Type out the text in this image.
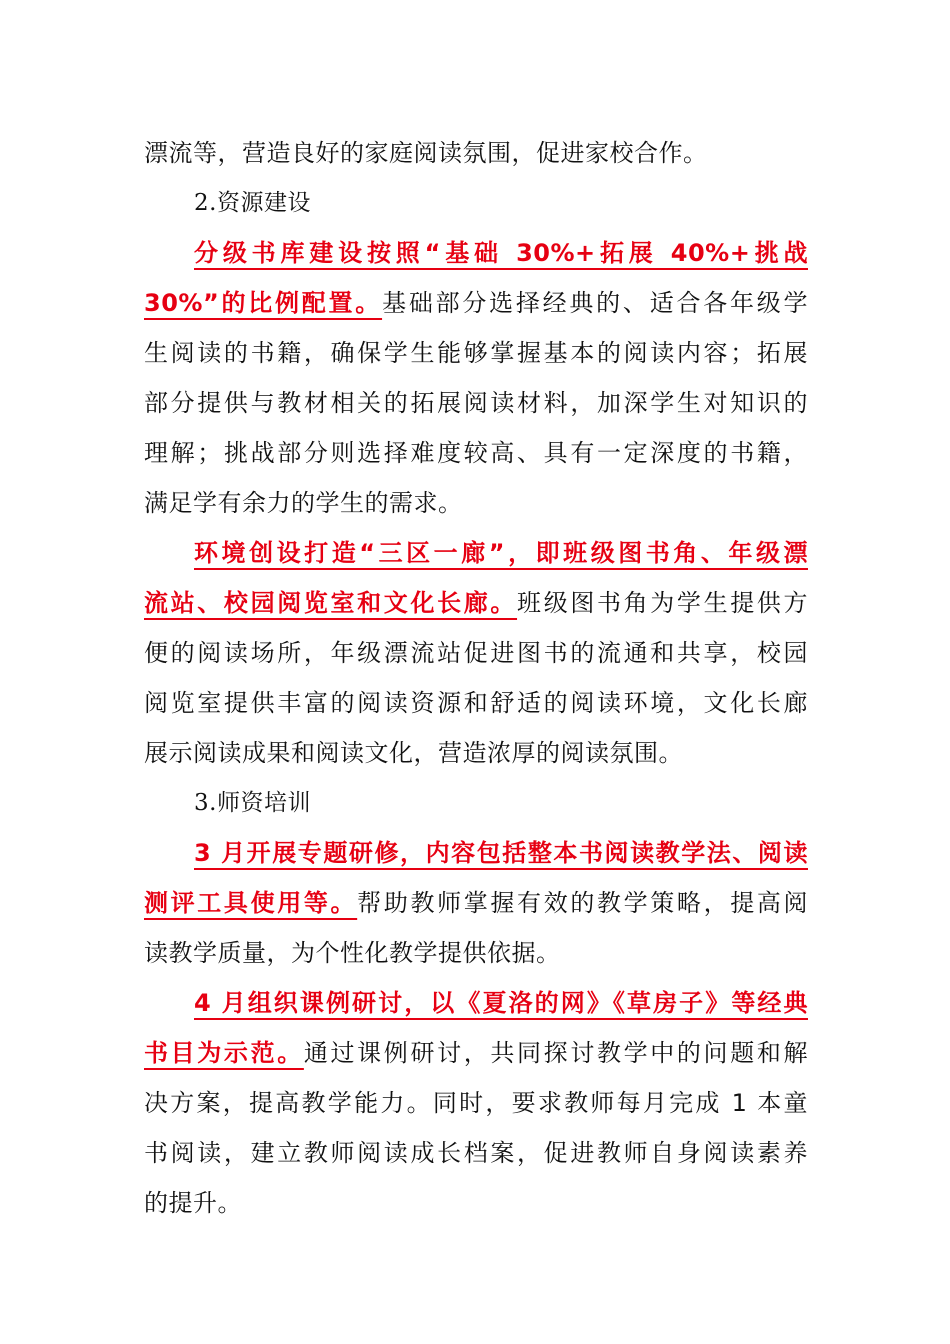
漂流等，营造良好的家庭阅读氛围，促进家校合作。
2.资源建设
分级书库建设按照“基础 30%+拓展 40%+挑战
30%”的比例配置。基础部分选择经典的、适合各年级学
生阅读的书籍，确保学生能够掌握基本的阅读内容；拓展
部分提供与教材相关的拓展阅读材料，加深学生对知识的
理解；挑战部分则选择难度较高、具有一定深度的书籍，
满足学有余力的学生的需求。
环境创设打造“三区一廊”，即班级图书角、年级漂
流站、校园阅览室和文化长廊。班级图书角为学生提供方
便的阅读场所，年级漂流站促进图书的流通和共享，校园
阅览室提供丰富的阅读资源和舒适的阅读环境，文化长廊
展示阅读成果和阅读文化，营造浓厚的阅读氛围。
3.师资培训
3 月开展专题研修，内容包括整本书阅读教学法、阅读
测评工具使用等。帮助教师掌握有效的教学策略，提高阅
读教学质量，为个性化教学提供依据。
4 月组织课例研讨，以《夏洛的网》《草房子》等经典
书目为示范。通过课例研讨，共同探讨教学中的问题和解
决方案，提高教学能力。同时，要求教师每月完成 1 本童
书阅读，建立教师阅读成长档案，促进教师自身阅读素养
的提升。
